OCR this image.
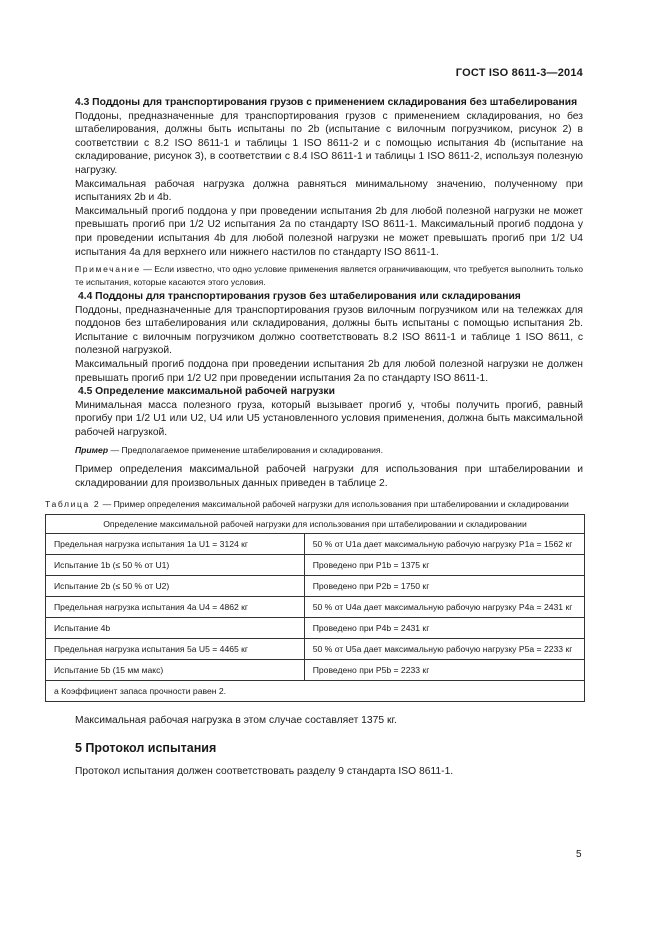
ГОСТ ISO 8611-3—2014

4.3 Поддоны для транспортирования грузов с применением складирования без штабелирования

Поддоны, предназначенные для транспортирования грузов с применением складирования, но без штабелирования, должны быть испытаны по 2b (испытание с вилочным погрузчиком, рисунок 2) в соответствии с 8.2 ISO 8611-1 и таблицы 1 ISO 8611-2 и с помощью испытания 4b (испытание на складирование, рисунок 3), в соответствии с 8.4 ISO 8611-1 и таблицы 1 ISO 8611-2, используя полезную нагрузку.

Максимальная рабочая нагрузка должна равняться минимальному значению, полученному при испытаниях 2b и 4b.

Максимальный прогиб поддона y при проведении испытания 2b для любой полезной нагрузки не может превышать прогиб при 1/2 U2 испытания 2a по стандарту ISO 8611-1. Максимальный прогиб поддона y при проведении испытания 4b для любой полезной нагрузки не может превышать прогиб при 1/2 U4 испытания 4a для верхнего или нижнего настилов по стандарту ISO 8611-1.

Примечание — Если известно, что одно условие применения является ограничивающим, что требуется выполнить только те испытания, которые касаются этого условия.

4.4 Поддоны для транспортирования грузов без штабелирования или складирования

Поддоны, предназначенные для транспортирования грузов вилочным погрузчиком или на тележках для поддонов без штабелирования или складирования, должны быть испытаны с помощью испытания 2b. Испытание с вилочным погрузчиком должно соответствовать 8.2 ISO 8611-1 и таблице 1 ISO 8611, с полезной нагрузкой.

Максимальный прогиб поддона при проведении испытания 2b для любой полезной нагрузки не должен превышать прогиб при 1/2 U2 при проведении испытания 2a по стандарту ISO 8611-1.

4.5 Определение максимальной рабочей нагрузки

Минимальная масса полезного груза, который вызывает прогиб y, чтобы получить прогиб, равный прогибу при 1/2 U1 или U2, U4 или U5 установленного условия применения, должна быть максимальной рабочей нагрузкой.

Пример — Предполагаемое применение штабелирования и складирования.

Пример определения максимальной рабочей нагрузки для использования при штабелировании и складировании для произвольных данных приведен в таблице 2.

Таблица 2 — Пример определения максимальной рабочей нагрузки для использования при штабелировании и складировании

Определение максимальной рабочей нагрузки для использования при штабелировании и складировании	
Предельная нагрузка испытания 1a U1 = 3124 кг	50 % от U1a дает максимальную рабочую нагрузку P1a = 1562 кг
Испытание 1b (≤ 50 % от U1)	Проведено при P1b = 1375 кг
Испытание 2b (≤ 50 % от U2)	Проведено при P2b = 1750 кг
Предельная нагрузка испытания 4a U4 = 4862 кг	50 % от U4a дает максимальную рабочую нагрузку P4a = 2431 кг
Испытание 4b	Проведено при P4b = 2431 кг
Предельная нагрузка испытания 5a U5 = 4465 кг	50 % от U5a дает максимальную рабочую нагрузку P5a = 2233 кг
Испытание 5b (15 мм макс)	Проведено при P5b = 2233 кг
a Коэффициент запаса прочности равен 2.	

Максимальная рабочая нагрузка в этом случае составляет 1375 кг.

5 Протокол испытания

Протокол испытания должен соответствовать разделу 9 стандарта ISO 8611-1.

5
